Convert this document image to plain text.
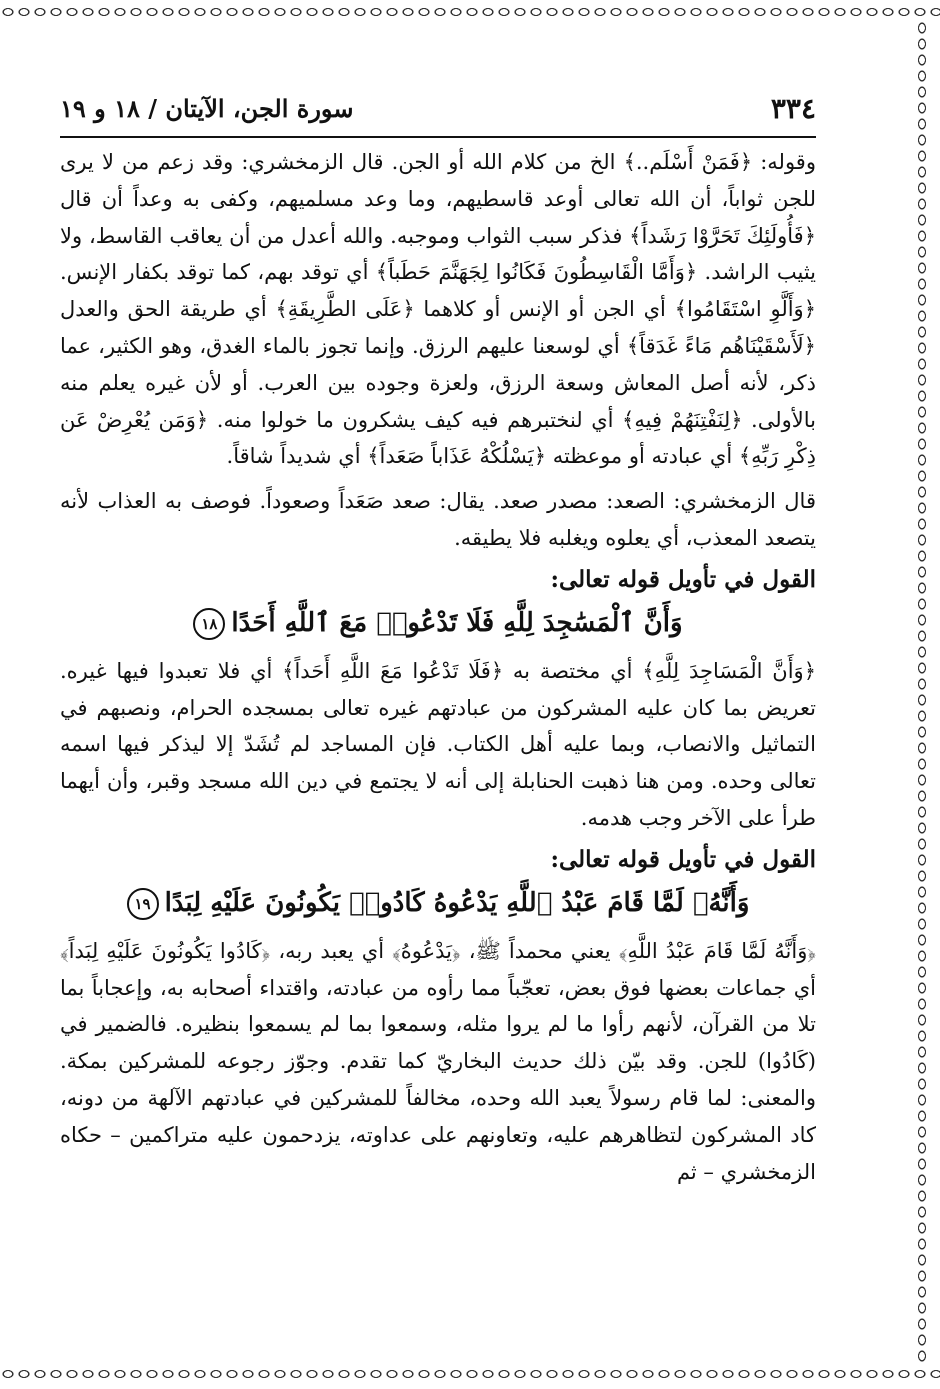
٣٣٤
سورة الجن، الآيتان / ١٨ و ١٩

وقوله: ﴿فَمَنْ أَسْلَم..﴾ الخ من كلام الله أو الجن. قال الزمخشري: وقد زعم من لا يرى للجن ثواباً، أن الله تعالى أوعد قاسطيهم، وما وعد مسلميهم، وكفى به وعداً أن قال ﴿فَأُولَئِكَ تَحَرَّوْا رَشَداً﴾ فذكر سبب الثواب وموجبه. والله أعدل من أن يعاقب القاسط، ولا يثيب الراشد. ﴿وَأَمَّا الْقَاسِطُونَ فَكَانُوا لِجَهَنَّمَ حَطَباً﴾ أي توقد بهم، كما توقد بكفار الإنس. ﴿وَأَلَّوِ اسْتَقَامُوا﴾ أي الجن أو الإنس أو كلاهما ﴿عَلَى الطَّرِيقَةِ﴾ أي طريقة الحق والعدل ﴿لَأَسْقَيْنَاهُم مَاءً غَدَقاً﴾ أي لوسعنا عليهم الرزق. وإنما تجوز بالماء الغدق، وهو الكثير، عما ذكر، لأنه أصل المعاش وسعة الرزق، ولعزة وجوده بين العرب. أو لأن غيره يعلم منه بالأولى. ﴿لِنَفْتِنَهُمْ فِيهِ﴾ أي لنختبرهم فيه كيف يشكرون ما خولوا منه. ﴿وَمَن يُعْرِضْ عَن ذِكْرِ رَبِّهِ﴾ أي عبادته أو موعظته ﴿يَسْلُكْهُ عَذَاباً صَعَداً﴾ أي شديداً شاقاً.

قال الزمخشري: الصعد: مصدر صعد. يقال: صعد صَعَداً وصعوداً. فوصف به العذاب لأنه يتصعد المعذب، أي يعلوه ويغلبه فلا يطيقه.

القول في تأويل قوله تعالى:
وَأَنَّ ٱلْمَسَٰجِدَ لِلَّهِ فَلَا تَدْعُوا۟ مَعَ ٱللَّهِ أَحَدًا١٨

﴿وَأَنَّ الْمَسَاجِدَ لِلَّهِ﴾ أي مختصة به ﴿فَلَا تَدْعُوا مَعَ اللَّهِ أَحَداً﴾ أي فلا تعبدوا فيها غيره. تعريض بما كان عليه المشركون من عبادتهم غيره تعالى بمسجده الحرام، ونصبهم في التماثيل والانصاب، وبما عليه أهل الكتاب. فإن المساجد لم تُشَدّ إلا ليذكر فيها اسمه تعالى وحده. ومن هنا ذهبت الحنابلة إلى أنه لا يجتمع في دين الله مسجد وقبر، وأن أيهما طرأ على الآخر وجب هدمه.

القول في تأويل قوله تعالى:
وَأَنَّهُۥ لَمَّا قَامَ عَبْدُ ٱللَّهِ يَدْعُوهُ كَادُوا۟ يَكُونُونَ عَلَيْهِ لِبَدًا١٩

﴿وَأَنَّهُ لَمَّا قَامَ عَبْدُ اللَّهِ﴾ يعني محمداً ﷺ، ﴿يَدْعُوهُ﴾ أي يعبد ربه، ﴿كَادُوا يَكُونُونَ عَلَيْهِ لِبَداً﴾ أي جماعات بعضها فوق بعض، تعجّباً مما رأوه من عبادته، واقتداء أصحابه به، وإعجاباً بما تلا من القرآن، لأنهم رأوا ما لم يروا مثله، وسمعوا بما لم يسمعوا بنظيره. فالضمير في (كَادُوا) للجن. وقد بيّن ذلك حديث البخاريّ كما تقدم. وجوّز رجوعه للمشركين بمكة. والمعنى: لما قام رسولاً يعبد الله وحده، مخالفاً للمشركين في عبادتهم الآلهة من دونه، كاد المشركون لتظاهرهم عليه، وتعاونهم على عداوته، يزدحمون عليه متراكمين – حكاه الزمخشري – ثم
